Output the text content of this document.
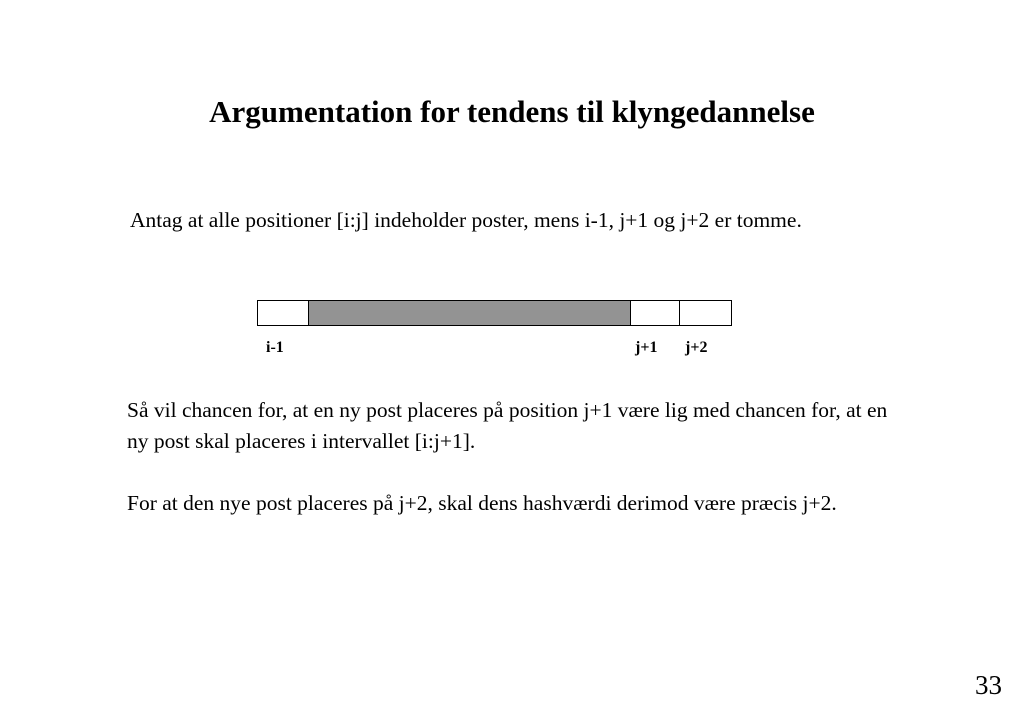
Argumentation for tendens til klyngedannelse

Antag at alle positioner [i:j] indeholder poster, mens i-1, j+1 og j+2 er tomme.

i-1	j+1 j+2

Så vil chancen for, at en ny post placeres på position j+1 være lig med chancen for, at en ny post skal placeres i intervallet [i:j+1].

For at den nye post placeres på j+2, skal dens hashværdi derimod være præcis j+2.

33
